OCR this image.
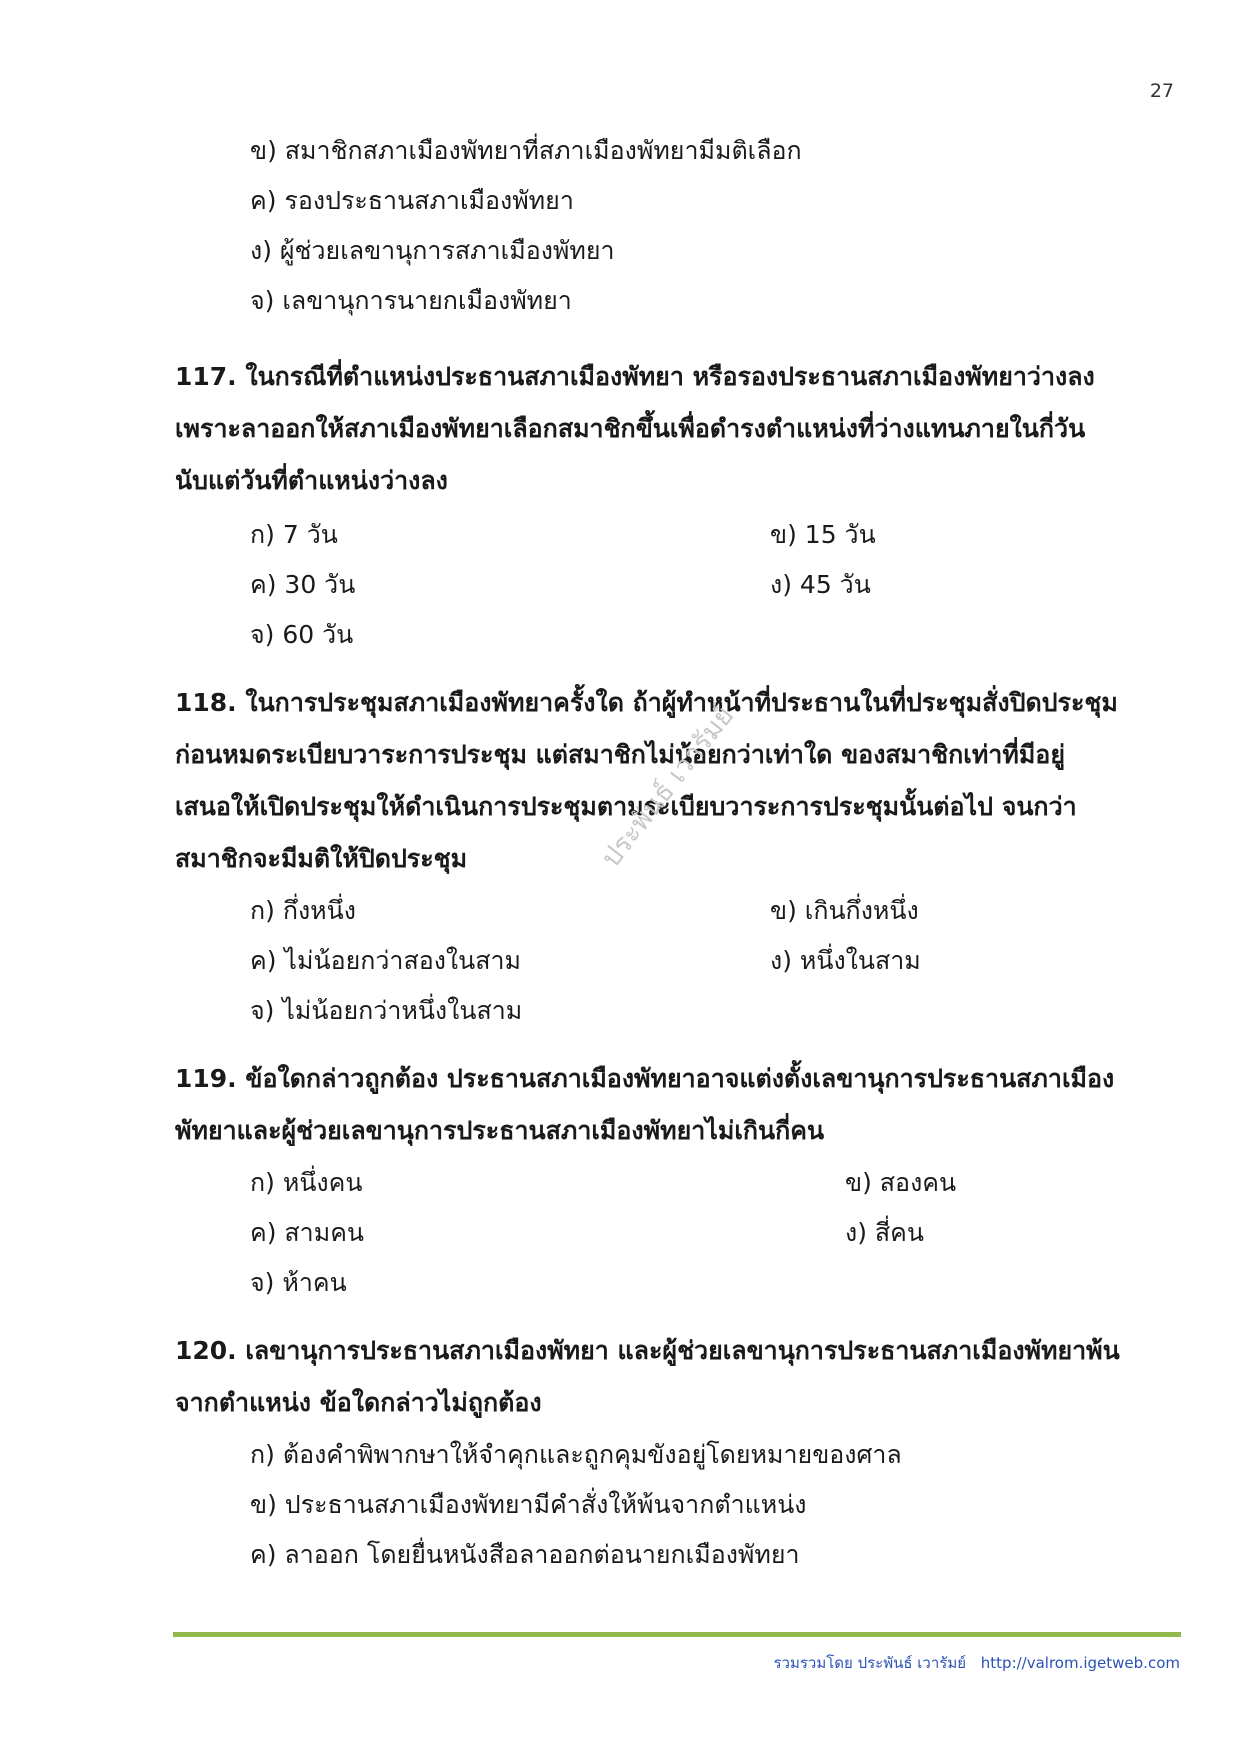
27
ข) สมาชิกสภาเมืองพัทยาที่สภาเมืองพัทยามีมติเลือก
ค) รองประธานสภาเมืองพัทยา
ง) ผู้ช่วยเลขานุการสภาเมืองพัทยา
จ) เลขานุการนายกเมืองพัทยา
117. ในกรณีที่ตำแหน่งประธานสภาเมืองพัทยา หรือรองประธานสภาเมืองพัทยาว่างลง
เพราะลาออกให้สภาเมืองพัทยาเลือกสมาชิกขึ้นเพื่อดำรงตำแหน่งที่ว่างแทนภายในกี่วัน
นับแต่วันที่ตำแหน่งว่างลง
ก) 7 วัน	ข) 15 วัน
ค) 30 วัน	ง) 45 วัน
จ) 60 วัน
118. ในการประชุมสภาเมืองพัทยาครั้งใด ถ้าผู้ทำหน้าที่ประธานในที่ประชุมสั่งปิดประชุม
ก่อนหมดระเบียบวาระการประชุม แต่สมาชิกไม่น้อยกว่าเท่าใด ของสมาชิกเท่าที่มีอยู่
เสนอให้เปิดประชุมให้ดำเนินการประชุมตามระเบียบวาระการประชุมนั้นต่อไป จนกว่า
สมาชิกจะมีมติให้ปิดประชุม
ก) กึ่งหนึ่ง	ข) เกินกึ่งหนึ่ง
ค) ไม่น้อยกว่าสองในสาม	ง) หนึ่งในสาม
จ) ไม่น้อยกว่าหนึ่งในสาม
119. ข้อใดกล่าวถูกต้อง ประธานสภาเมืองพัทยาอาจแต่งตั้งเลขานุการประธานสภาเมือง
พัทยาและผู้ช่วยเลขานุการประธานสภาเมืองพัทยาไม่เกินกี่คน
ก) หนึ่งคน	ข) สองคน
ค) สามคน	ง) สี่คน
จ) ห้าคน
120. เลขานุการประธานสภาเมืองพัทยา และผู้ช่วยเลขานุการประธานสภาเมืองพัทยาพ้น
จากตำแหน่ง ข้อใดกล่าวไม่ถูกต้อง
ก) ต้องคำพิพากษาให้จำคุกและถูกคุมขังอยู่โดยหมายของศาล
ข) ประธานสภาเมืองพัทยามีคำสั่งให้พ้นจากตำแหน่ง
ค) ลาออก โดยยื่นหนังสือลาออกต่อนายกเมืองพัทยา
ประพันธ์ เวารัมย์
รวมรวมโดย ประพันธ์ เวารัมย์ http://valrom.igetweb.com
